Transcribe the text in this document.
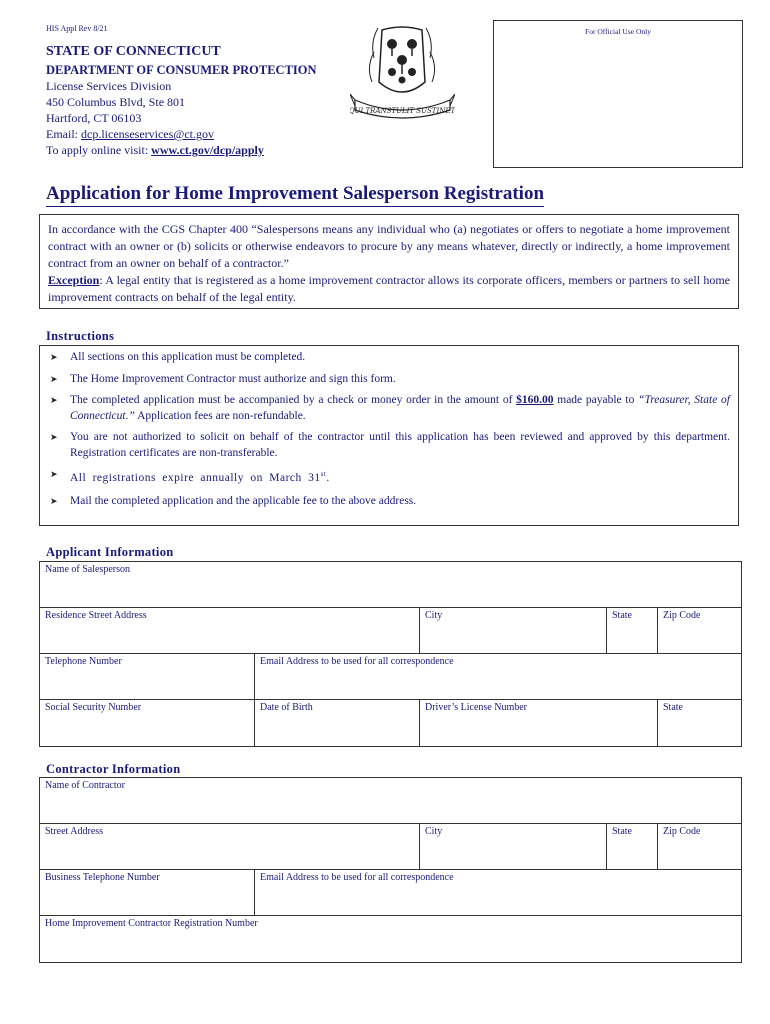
HIS Appl Rev 8/21
STATE OF CONNECTICUT
DEPARTMENT OF CONSUMER PROTECTION
License Services Division
450 Columbus Blvd, Ste 801
Hartford, CT 06103
Email: dcp.licenseservices@ct.gov
To apply online visit: www.ct.gov/dcp/apply
QUI TRANSTULIT SUSTINET
For Official Use Only
Application for Home Improvement Salesperson Registration

In accordance with the CGS Chapter 400 “Salespersons means any individual who (a) negotiates or offers to negotiate a home improvement contract with an owner or (b) solicits or otherwise endeavors to procure by any means whatever, directly or indirectly, a home improvement contract from an owner on behalf of a contractor.”

Exception: A legal entity that is registered as a home improvement contractor allows its corporate officers, members or partners to sell home improvement contracts on behalf of the legal entity.

Instructions
➤ All sections on this application must be completed.
➤ The Home Improvement Contractor must authorize and sign this form.
➤ The completed application must be accompanied by a check or money order in the amount of $160.00 made payable to “Treasurer, State of Connecticut.” Application fees are non-refundable.
➤ You are not authorized to solicit on behalf of the contractor until this application has been reviewed and approved by this department. Registration certificates are non-transferable.
➤ All registrations expire annually on March 31st.
➤ Mail the completed application and the applicable fee to the above address.
Applicant Information
Name of Salesperson				

Residence Street Address		City	State	Zip Code

Telephone Number	Email Address to be used for all correspondence			

Social Security Number	Date of Birth	Driver’s License Number		State
Contractor Information
Name of Contractor				

Street Address		City	State	Zip Code

Business Telephone Number	Email Address to be used for all correspondence			

Home Improvement Contractor Registration Number				
